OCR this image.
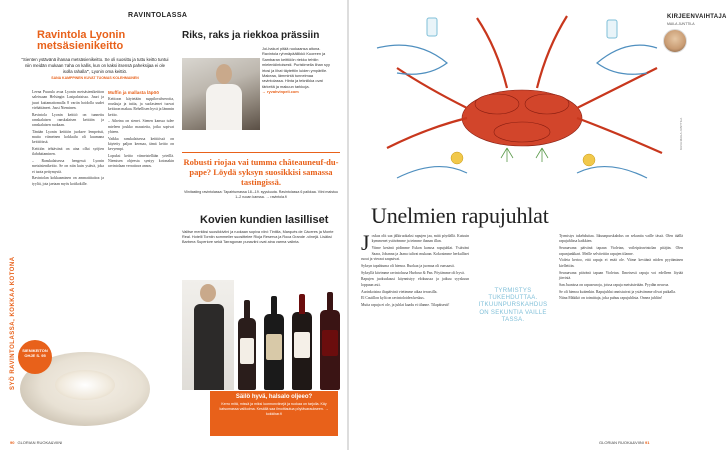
RAVINTOLASSA
SYÖ RAVINTOLASSA, KOKKAA KOTONA
Ravintola Lyonin metsäsienikeitto
"Sienten ystävänä ihanaa metsäsienikeitto. Se oli suosittu ja tuttu keitto tuntui niin meidän mukaan 'raha on kallis, kun on kaksi itsensä paheksijaa ei ole isolla rahalla'", Lyonin oma keittiö.
SANA KAMPPINEN KUVAT TUOMAS KOLEHMAINEN

Leena Puurula avaa Lyonin metsäsienikeitton saleissaan Helsingin Lasipalatsissa. Juuri ja juuri kattamattomalla 8 vartin hoidolla uudet viehättäneet. Jussi Nieminen.

Ravintola Lyonin keittiö on tunnettu ranskalaisen ranskalaisen keittiön ja ranskalaisen ruokaan.

Tänään Lyonin keittiön juoksee lempeästi, mutta viimeinen kokkailu oli kuumana keittiöissä.

Keittiön tehtävänä on aina ollut syöjien ilahduttaminen.

– Ranskalaisessa hengessä Lyonin metsäsienikeitto. Se on niin kuin ystävä, joka ei tuota pettymystä.

Ravintolan kokkaaminen on ammattitaitoa ja tyyliä, jota jaetaan myös kotikokille.

Muffin ja mallasta läpöö

Keittoon käytetään suppilovahveroita, rouskuja ja tattia, ja suolasienet tuovat keittoon makua. Rehellisen hyvä ja lämmin keitto.

– Aiheina on sienet. Sienen kanssa tulee mieleen joukko mausteita, jotka sopivat yhteen.

Vaikka ranskalaisessa keittiössä on käytetty paljon kermaa, tämä keitto on kevyempi.

Lopuksi keitto viimeistellään yrteillä. Niemisen ohjeesta syntyy kotonakin ravintolaan verrattava annos.

SIENIKEITON OHJE S. 95
Riks, raks ja riekkoa prässiin
Joi-hakuri pitää ruokaansa aitona. Ravintola ryhmäpäällikkö Kuoreen ja Sambaran keittiöön riekko tehtiin mielenkiintoisesti. Puristimella lihan syy irtosi ja lihat täytettiin luiden ympärille. Makeaa, lämmintä tunnelmaa ravintolassa. Hinta ja tekniikka ovat tärkeitä ja makuun tarkkoja.
→ ryvahvinpeli.com
Robusti riojaa vai tumma châteauneuf-du-pape? Löydä syksyn suosikkisi samassa tastingissä.
Viinitasting ravintolassa: Tapahtumassa 18.–19. syyskuuta. Ravintolassa 6 paikkaa. Viini maistuu 1–2 ruoan kanssa. → ravintola.fi
Kovien kundien lasilliset
Valitse merkiksi suosikkiviini ja ruokaan sopiva viini: Tintilla, Marqués de Cáceres ja Monte Real. Hotelli Torniin sommelier suosittelee Rioja Reserva ja Roca Grande -viinejä. Lisäksi Barbera Superiore sekä Tarragonan punaviini ovat aina varma valinta.
Säilö hyvä, halsalo oljeeo?
Kerro mitä, missä ja miksi luonnonviinejä ja ruokaa on tarjolla. Käy katsomassa valikoima. Kesällä saa ilmoittautua pöytävaraukseen. → kokkibar.fi
90 GLORIAN RUOKA&VIINI
KIRJEENVAIHTAJA
MAILA JUNTTILA
KUVA MAILA JUNTTILA
Unelmien rapujuhlat

Joskus olit saa jälkiruokaksi rapujen jaa, mitä pöydällä. Kutsuin kymmenet ystävämme ja teimme ihanan illan.

Viime kesänä pidimme Eskon kanssa rapujuhlat. Ystäväni Saara, Johanna ja Jaana tulivat mukaan. Kokosimme herkulliset ruoat ja vieraat saapuivat.

Syksyn tapahtuma oli hienoa. Ruokaa ja juomaa oli runsaasti.

Syksyllä kävimme ravintolassa Harbour & Pan. Pöytämme oli hyvä.

Rapujen juoksukausi käynnistyy elokuussa ja jatkuu syyskuun loppuun asti.

Aurinkoisina iltapäivinä vietimme aikaa terassilla.

El Castillon kylä on ravintoloiden keskus.

Mutta rapuja ei ole, ja juhlat kaadu ei tilanne. Tilapäisesti!

TYRMISTYS TUKEHDUTTAA. ITKUUNPURSKAHDUS ON SEKUNTIA VAILLE TASSA.

Tyrmistys tukehduttaa. Itkuunpurskahdus on sekuntia vaille tässä. Olen täällä rapujuhlissa kaikkien.

Seuraavana päivänä tapaan Violetan, voileipäravintolan pitäjän. Olen rapunjunkkari. Meille selvitettiin rapujen tilanne.

Violeta kertoo, että rapuja ei enää ole. Viime keväänä niiden pyytäminen kiellettiin.

Seuraavana päivänä tapaan Violetan. Ilmeisesti rapuja voi edelleen löytää järvistä.

San Juanissa on rapuseuroja, joissa rapuja metsästetään. Pyydän neuvoa.

Se oli hienoa kuitenkin. Rapujuhlat onnistuivat ja ystävämme olivat paikalla.

Niina Mäkikö on toimittaja, joka puhuu rapujuhlista. Onnea juhliin!

GLORIAN RUOKA&VIINI 91
